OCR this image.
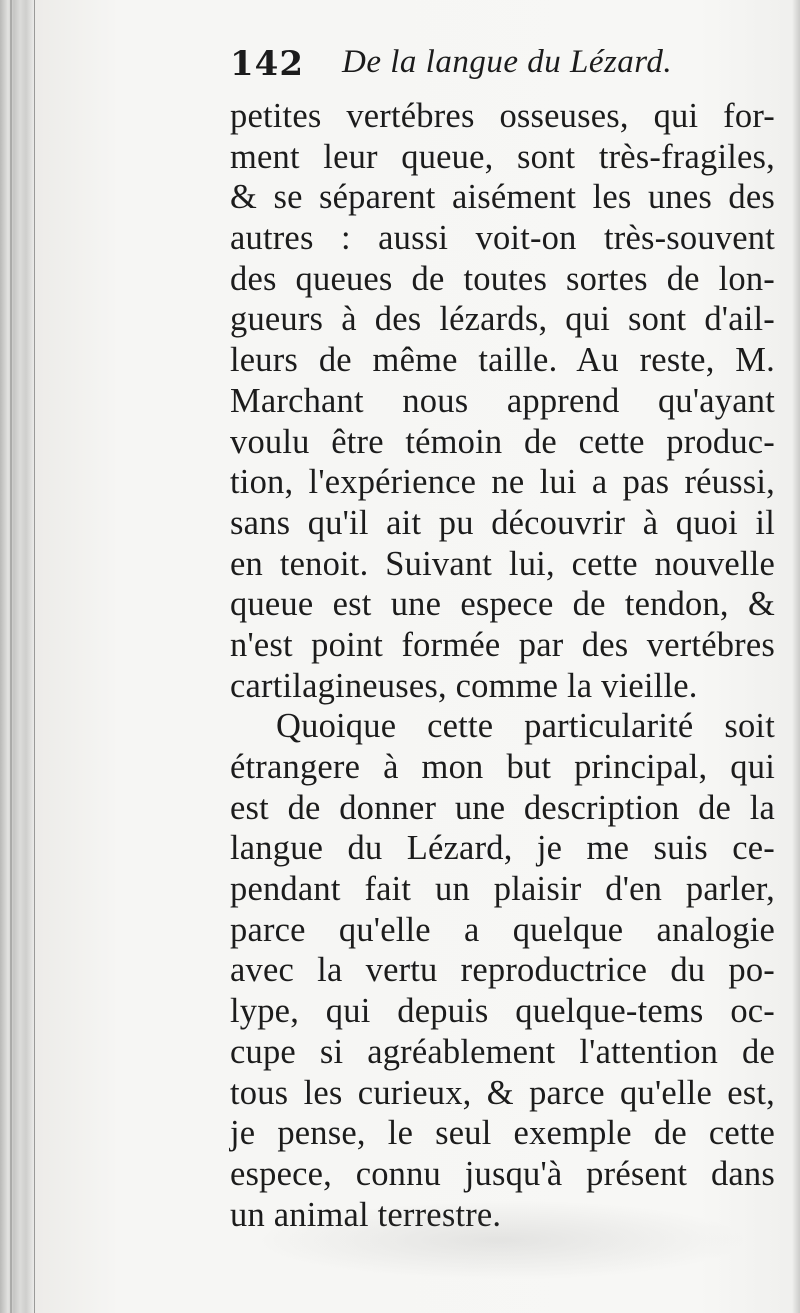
142 De la langue du Lézard.
petites vertébres osseuses, qui for-
ment leur queue, sont très-fragiles,
& se séparent aisément les unes des
autres : aussi voit-on très-souvent
des queues de toutes sortes de lon-
gueurs à des lézards, qui sont d'ail-
leurs de même taille. Au reste, M.
Marchant nous apprend qu'ayant
voulu être témoin de cette produc-
tion, l'expérience ne lui a pas réussi,
sans qu'il ait pu découvrir à quoi il
en tenoit. Suivant lui, cette nouvelle
queue est une espece de tendon, &
n'est point formée par des vertébres
cartilagineuses, comme la vieille.
Quoique cette particularité soit
étrangere à mon but principal, qui
est de donner une description de la
langue du Lézard, je me suis ce-
pendant fait un plaisir d'en parler,
parce qu'elle a quelque analogie
avec la vertu reproductrice du po-
lype, qui depuis quelque-tems oc-
cupe si agréablement l'attention de
tous les curieux, & parce qu'elle est,
je pense, le seul exemple de cette
espece, connu jusqu'à présent dans
un animal terrestre.
